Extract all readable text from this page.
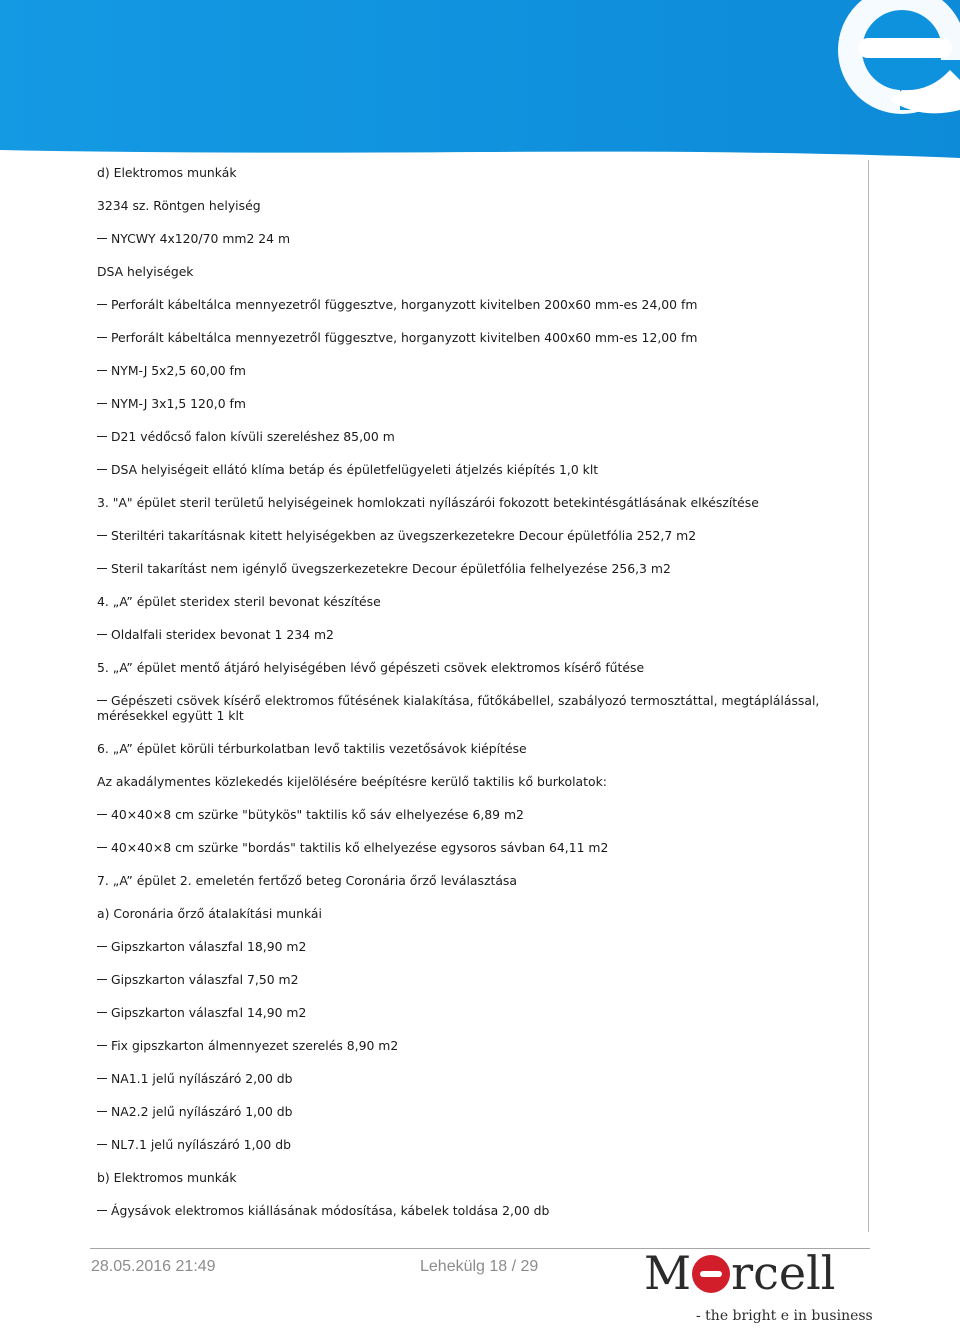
d) Elektromos munkák
3234 sz. Röntgen helyiség
NYCWY 4x120/70 mm2 24 m
DSA helyiségek
Perforált kábeltálca mennyezetről függesztve, horganyzott kivitelben 200x60 mm-es 24,00 fm
Perforált kábeltálca mennyezetről függesztve, horganyzott kivitelben 400x60 mm-es 12,00 fm
NYM-J 5x2,5 60,00 fm
NYM-J 3x1,5 120,0 fm
D21 védőcső falon kívüli szereléshez 85,00 m
DSA helyiségeit ellátó klíma betáp és épületfelügyeleti átjelzés kiépítés 1,0 klt
3. "A" épület steril területű helyiségeinek homlokzati nyílászárói fokozott betekintésgátlásának elkészítése
Steriltéri takarításnak kitett helyiségekben az üvegszerkezetekre Decour épületfólia 252,7 m2
Steril takarítást nem igénylő üvegszerkezetekre Decour épületfólia felhelyezése 256,3 m2
4. „A” épület steridex steril bevonat készítése
Oldalfali steridex bevonat 1 234 m2
5. „A” épület mentő átjáró helyiségében lévő gépészeti csövek elektromos kísérő fűtése
Gépészeti csövek kísérő elektromos fűtésének kialakítása, fűtőkábellel, szabályozó termosztáttal, megtáplálással, mérésekkel együtt 1 klt
6. „A” épület körüli térburkolatban levő taktilis vezetősávok kiépítése
Az akadálymentes közlekedés kijelölésére beépítésre kerülő taktilis kő burkolatok:
40×40×8 cm szürke "bütykös" taktilis kő sáv elhelyezése 6,89 m2
40×40×8 cm szürke "bordás" taktilis kő elhelyezése egysoros sávban 64,11 m2
7. „A” épület 2. emeletén fertőző beteg Coronária őrző leválasztása
a) Coronária őrző átalakítási munkái
Gipszkarton válaszfal 18,90 m2
Gipszkarton válaszfal 7,50 m2
Gipszkarton válaszfal 14,90 m2
Fix gipszkarton álmennyezet szerelés 8,90 m2
NA1.1 jelű nyílászáró 2,00 db
NA2.2 jelű nyílászáró 1,00 db
NL7.1 jelű nyílászáró 1,00 db
b) Elektromos munkák
Ágysávok elektromos kiállásának módosítása, kábelek toldása 2,00 db
28.05.2016 21:49	Lehekülg 18 / 29 M rcell
- the bright e in business
